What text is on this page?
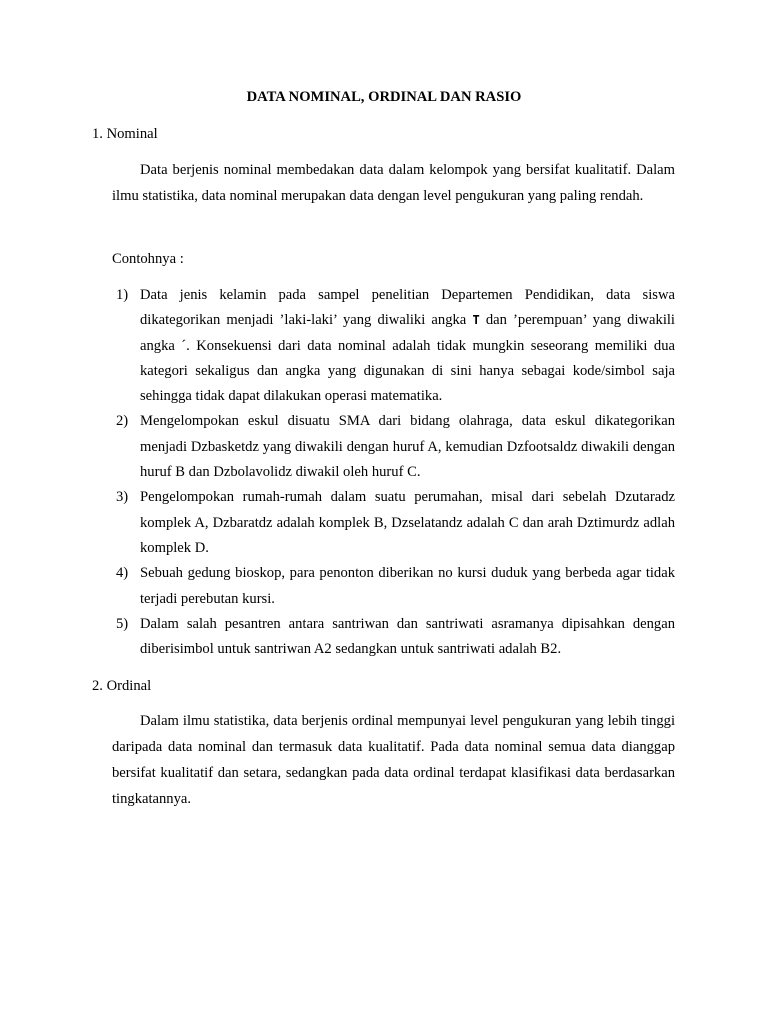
DATA NOMINAL, ORDINAL DAN RASIO
1. Nominal
Data berjenis nominal membedakan data dalam kelompok yang bersifat kualitatif. Dalam ilmu statistika, data nominal merupakan data dengan level pengukuran yang paling rendah.
Contohnya :
1) Data jenis kelamin pada sampel penelitian Departemen Pendidikan, data siswa dikategorikan menjadi ’laki-laki’ yang diwaliki angka T dan ’perempuan’ yang diwakili angka ´. Konsekuensi dari data nominal adalah tidak mungkin seseorang memiliki dua kategori sekaligus dan angka yang digunakan di sini hanya sebagai kode/simbol saja sehingga tidak dapat dilakukan operasi matematika.
2) Mengelompokan eskul disuatu SMA dari bidang olahraga, data eskul dikategorikan menjadi Dzbasketdz yang diwakili dengan huruf A, kemudian Dzfootsaldz diwakili dengan huruf B dan Dzbolavolidz diwakil oleh huruf C.
3) Pengelompokan rumah-rumah dalam suatu perumahan, misal dari sebelah Dzutaradz komplek A, Dzbaratdz adalah komplek B, Dzselatandz adalah C dan arah Dztimurdz adlah komplek D.
4) Sebuah gedung bioskop, para penonton diberikan no kursi duduk yang berbeda agar tidak terjadi perebutan kursi.
5) Dalam salah pesantren antara santriwan dan santriwati asramanya dipisahkan dengan diberisimbol untuk santriwan A2 sedangkan untuk santriwati adalah B2.
2. Ordinal
Dalam ilmu statistika, data berjenis ordinal mempunyai level pengukuran yang lebih tinggi daripada data nominal dan termasuk data kualitatif. Pada data nominal semua data dianggap bersifat kualitatif dan setara, sedangkan pada data ordinal terdapat klasifikasi data berdasarkan tingkatannya.
